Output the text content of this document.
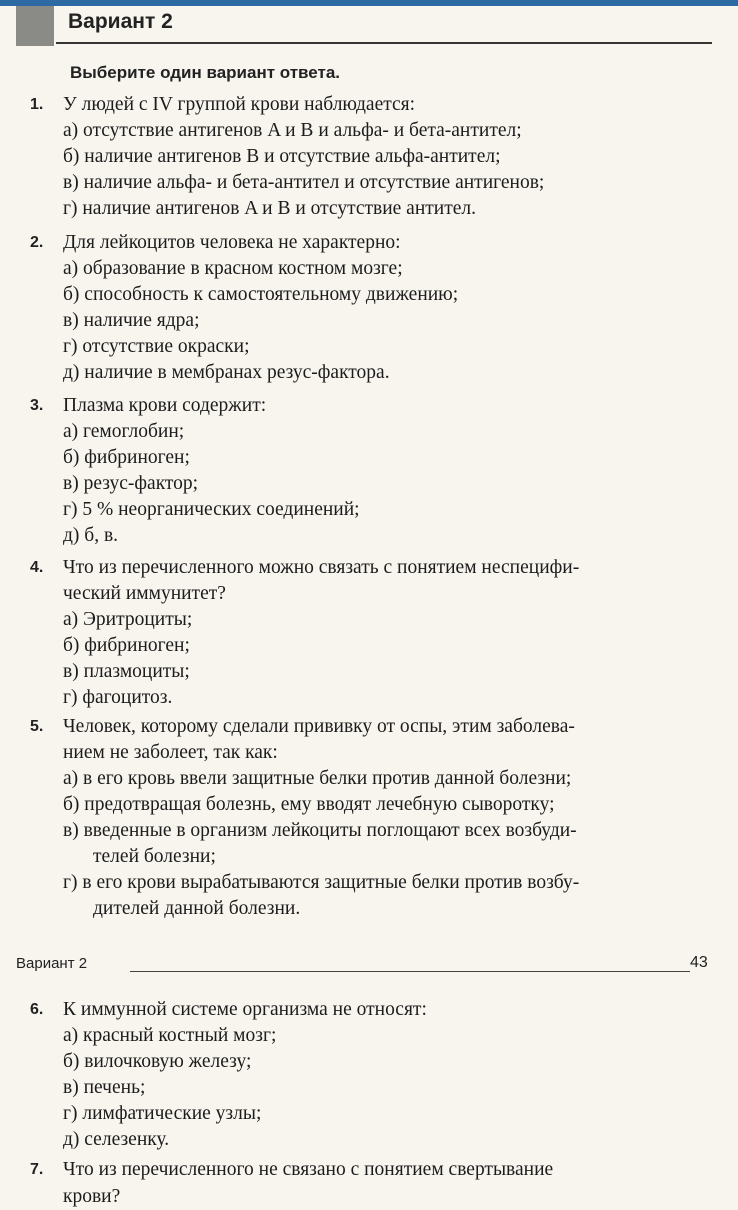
Вариант 2
Выберите один вариант ответа.
1. У людей с IV группой крови наблюдается:
а) отсутствие антигенов A и B и альфа- и бета-антител;
б) наличие антигенов B и отсутствие альфа-антител;
в) наличие альфа- и бета-антител и отсутствие антигенов;
г) наличие антигенов A и B и отсутствие антител.
2. Для лейкоцитов человека не характерно:
а) образование в красном костном мозге;
б) способность к самостоятельному движению;
в) наличие ядра;
г) отсутствие окраски;
д) наличие в мембранах резус-фактора.
3. Плазма крови содержит:
а) гемоглобин;
б) фибриноген;
в) резус-фактор;
г) 5 % неорганических соединений;
д) б, в.
4. Что из перечисленного можно связать с понятием неспецифи-
ческий иммунитет?
а) Эритроциты;
б) фибриноген;
в) плазмоциты;
г) фагоцитоз.
5. Человек, которому сделали прививку от оспы, этим заболева-
нием не заболеет, так как:
а) в его кровь ввели защитные белки против данной болезни;
б) предотвращая болезнь, ему вводят лечебную сыворотку;
в) введенные в организм лейкоциты поглощают всех возбуди-
телей болезни;
г) в его крови вырабатываются защитные белки против возбу-
дителей данной болезни.
6. К иммунной системе организма не относят:
а) красный костный мозг;
б) вилочковую железу;
в) печень;
г) лимфатические узлы;
д) селезенку.
7. Что из перечисленного не связано с понятием свертывание
Вариант 2	43
крови?
